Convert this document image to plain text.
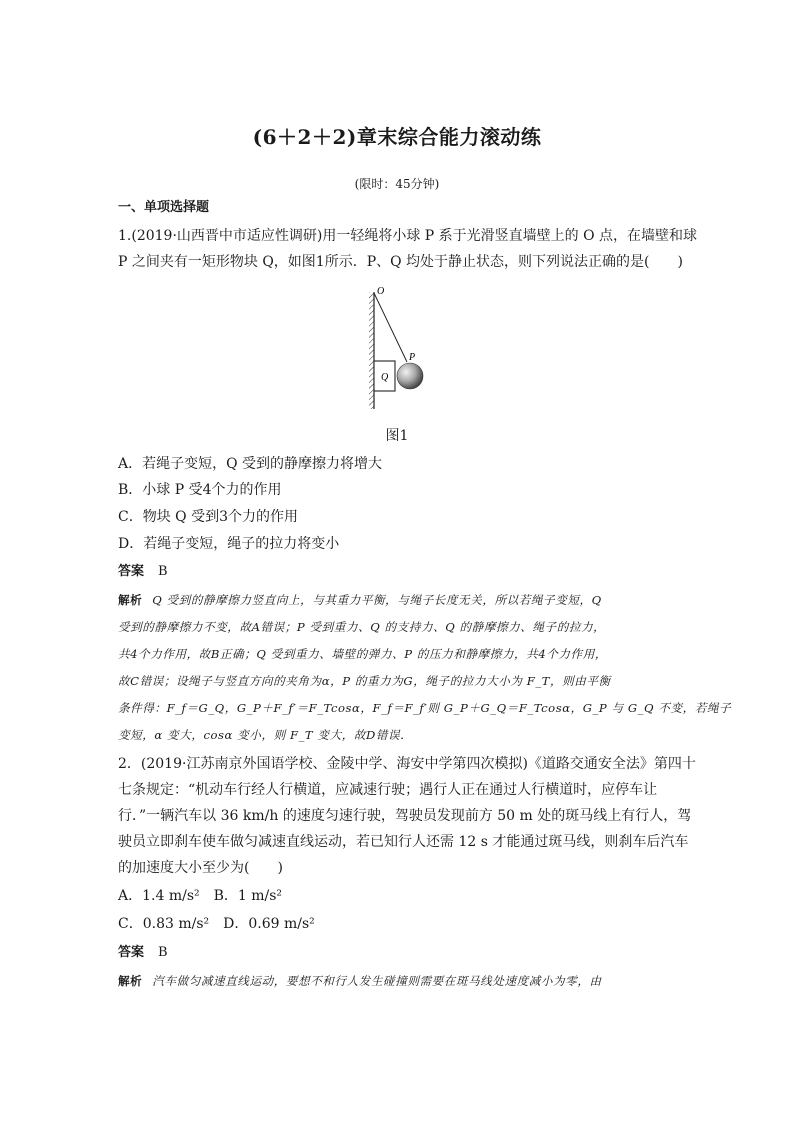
(6＋2＋2)章末综合能力滚动练
(限时：45分钟)
一、单项选择题
1.(2019·山西晋中市适应性调研)用一轻绳将小球 P 系于光滑竖直墙壁上的 O 点，在墙壁和球
P 之间夹有一矩形物块 Q，如图1所示．P、Q 均处于静止状态，则下列说法正确的是(　　)
O
P
Q
图1
A．若绳子变短，Q 受到的静摩擦力将增大
B．小球 P 受4个力的作用
C．物块 Q 受到3个力的作用
D．若绳子变短，绳子的拉力将变小
答案 B
解析 Q 受到的静摩擦力竖直向上，与其重力平衡，与绳子长度无关，所以若绳子变短，Q
受到的静摩擦力不变，故A错误；P 受到重力、Q 的支持力、Q 的静摩擦力、绳子的拉力，
共4个力作用，故B正确；Q 受到重力、墙壁的弹力、P 的压力和静摩擦力，共4个力作用，
故C错误；设绳子与竖直方向的夹角为α，P 的重力为G，绳子的拉力大小为 F_T，则由平衡
条件得：F_f＝G_Q，G_P＋F_f′＝F_Tcosα，F_f＝F_f′则 G_P＋G_Q＝F_Tcosα，G_P 与 G_Q 不变，若绳子
变短，α 变大，cosα 变小，则 F_T 变大，故D错误．
2．(2019·江苏南京外国语学校、金陵中学、海安中学第四次模拟)《道路交通安全法》第四十
七条规定：“机动车行经人行横道，应减速行驶；遇行人正在通过人行横道时，应停车让
行．”一辆汽车以 36 km/h 的速度匀速行驶，驾驶员发现前方 50 m 处的斑马线上有行人，驾
驶员立即刹车使车做匀减速直线运动，若已知行人还需 12 s 才能通过斑马线，则刹车后汽车
的加速度大小至少为(　　)
A．1.4 m/s²　B．1 m/s²
C．0.83 m/s²　D．0.69 m/s²
答案 B
解析 汽车做匀减速直线运动，要想不和行人发生碰撞则需要在斑马线处速度减小为零，由
